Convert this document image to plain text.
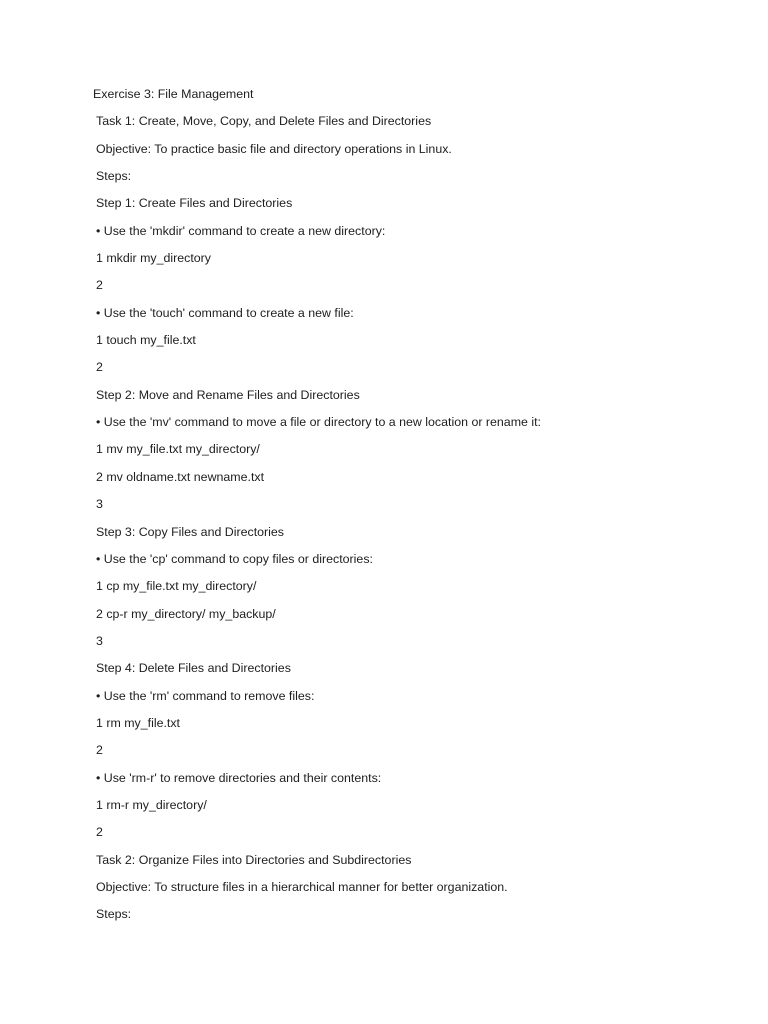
Exercise 3: File Management
Task 1: Create, Move, Copy, and Delete Files and Directories
Objective: To practice basic file and directory operations in Linux.
Steps:
Step 1: Create Files and Directories
• Use the 'mkdir' command to create a new directory:
1 mkdir my_directory
2
• Use the 'touch' command to create a new file:
1 touch my_file.txt
2
Step 2: Move and Rename Files and Directories
• Use the 'mv' command to move a file or directory to a new location or rename it:
1 mv my_file.txt my_directory/
2 mv oldname.txt newname.txt
3
Step 3: Copy Files and Directories
• Use the 'cp' command to copy files or directories:
1 cp my_file.txt my_directory/
2 cp-r my_directory/ my_backup/
3
Step 4: Delete Files and Directories
• Use the 'rm' command to remove files:
1 rm my_file.txt
2
• Use 'rm-r' to remove directories and their contents:
1 rm-r my_directory/
2
Task 2: Organize Files into Directories and Subdirectories
Objective: To structure files in a hierarchical manner for better organization.
Steps:
